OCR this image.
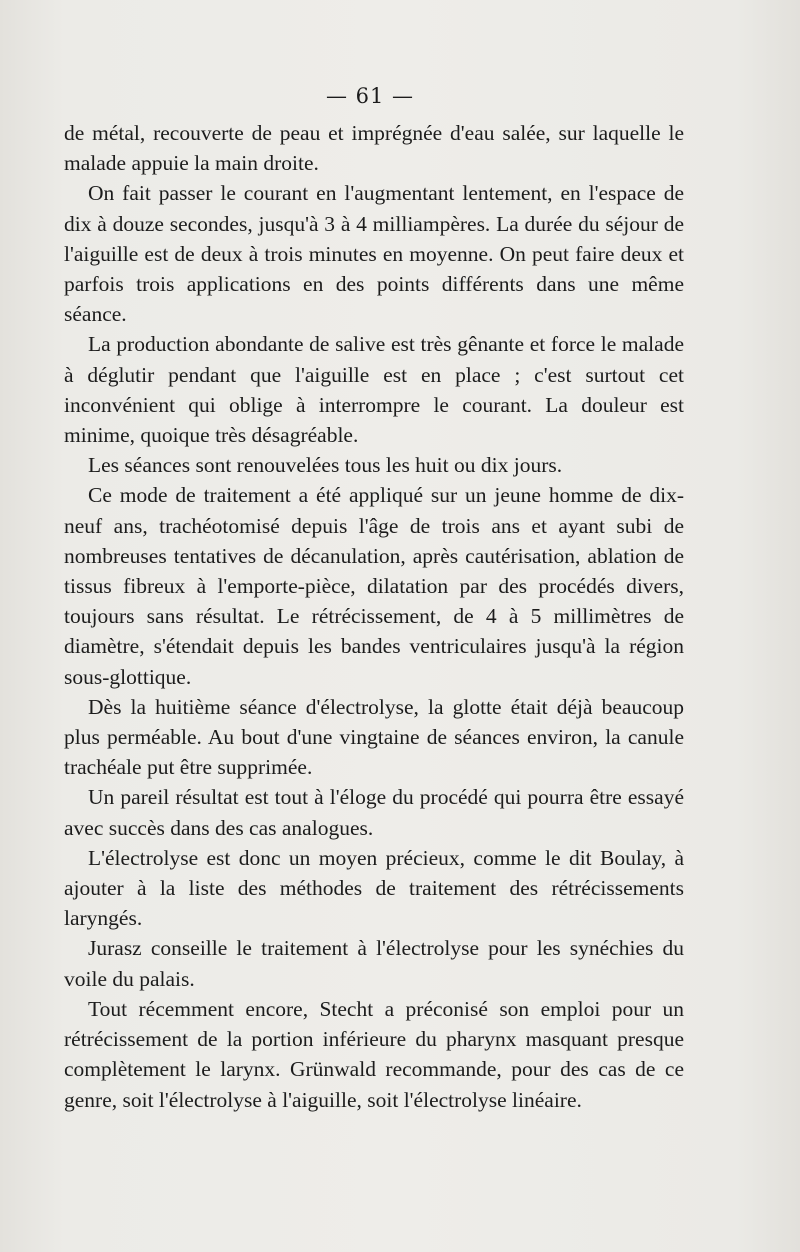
— 61 —

de métal, recouverte de peau et imprégnée d'eau salée, sur laquelle le malade appuie la main droite.

On fait passer le courant en l'augmentant lentement, en l'espace de dix à douze secondes, jusqu'à 3 à 4 milliampères. La durée du séjour de l'aiguille est de deux à trois minutes en moyenne. On peut faire deux et parfois trois applications en des points différents dans une même séance.

La production abondante de salive est très gênante et force le malade à déglutir pendant que l'aiguille est en place ; c'est surtout cet inconvénient qui oblige à interrompre le courant. La douleur est minime, quoique très désagréable.

Les séances sont renouvelées tous les huit ou dix jours.

Ce mode de traitement a été appliqué sur un jeune homme de dix-neuf ans, trachéotomisé depuis l'âge de trois ans et ayant subi de nombreuses tentatives de décanulation, après cautérisation, ablation de tissus fibreux à l'emporte-pièce, dilatation par des procédés divers, toujours sans résultat. Le rétrécissement, de 4 à 5 millimètres de diamètre, s'étendait depuis les bandes ventriculaires jusqu'à la région sous-glottique.

Dès la huitième séance d'électrolyse, la glotte était déjà beaucoup plus perméable. Au bout d'une vingtaine de séances environ, la canule trachéale put être supprimée.

Un pareil résultat est tout à l'éloge du procédé qui pourra être essayé avec succès dans des cas analogues.

L'électrolyse est donc un moyen précieux, comme le dit Boulay, à ajouter à la liste des méthodes de traitement des rétrécissements laryngés.

Jurasz conseille le traitement à l'électrolyse pour les synéchies du voile du palais.

Tout récemment encore, Stecht a préconisé son emploi pour un rétrécissement de la portion inférieure du pharynx masquant presque complètement le larynx. Grünwald recommande, pour des cas de ce genre, soit l'électrolyse à l'aiguille, soit l'électrolyse linéaire.
